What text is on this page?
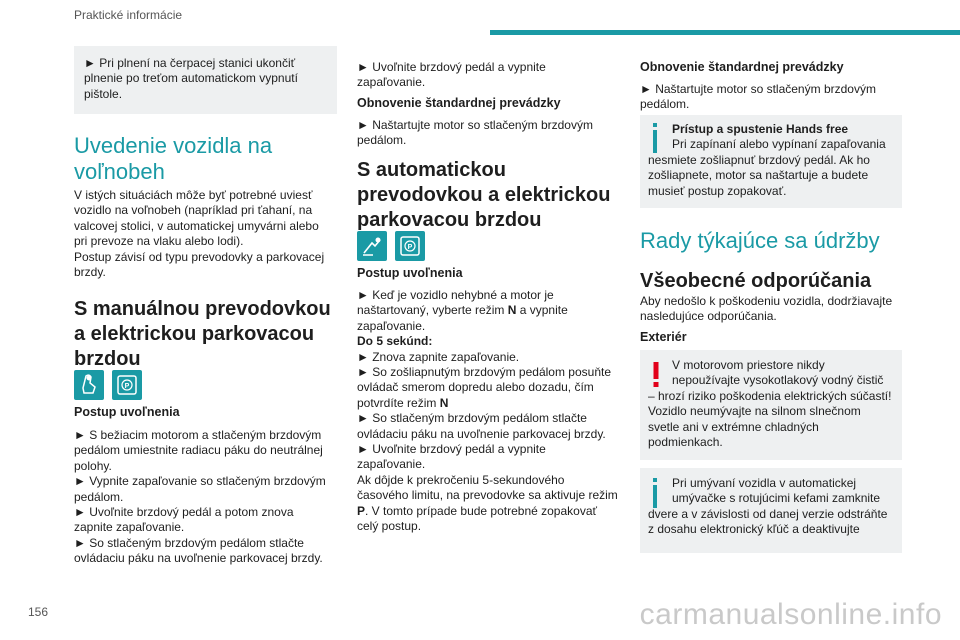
Praktické informácie
► Pri plnení na čerpacej stanici ukončiť
plnenie po treťom automatickom vypnutí
pištole.
Uvedenie vozidla na
voľnobeh
V istých situáciách môže byť potrebné uviesť
vozidlo na voľnobeh (napríklad pri ťahaní, na
valcovej stolici, v automatickej umyvárni alebo
pri prevoze na vlaku alebo lodi).
Postup závisí od typu prevodovky a parkovacej
brzdy.
S manuálnou prevodovkou
a elektrickou parkovacou
brzdou
P
Postup uvoľnenia
► S bežiacim motorom a stlačeným brzdovým
pedálom umiestnite radiacu páku do neutrálnej
polohy.
► Vypnite zapaľovanie so stlačeným brzdovým
pedálom.
► Uvoľnite brzdový pedál a potom znova
zapnite zapaľovanie.
► So stlačeným brzdovým pedálom stlačte
ovládaciu páku na uvoľnenie parkovacej brzdy.
► Uvoľnite brzdový pedál a vypnite
zapaľovanie.
Obnovenie štandardnej prevádzky
► Naštartujte motor so stlačeným brzdovým
pedálom.
S automatickou
prevodovkou a elektrickou
parkovacou brzdou
P
Postup uvoľnenia
► Keď je vozidlo nehybné a motor je
naštartovaný, vyberte režim N a vypnite
zapaľovanie.
Do 5 sekúnd:
► Znova zapnite zapaľovanie.
► So zošliapnutým brzdovým pedálom posuňte
ovládač smerom dopredu alebo dozadu, čím
potvrdíte režim N
► So stlačeným brzdovým pedálom stlačte
ovládaciu páku na uvoľnenie parkovacej brzdy.
► Uvoľnite brzdový pedál a vypnite
zapaľovanie.
Ak dôjde k prekročeniu 5-sekundového
časového limitu, na prevodovke sa aktivuje režim
P. V tomto prípade bude potrebné zopakovať
celý postup.
Obnovenie štandardnej prevádzky
► Naštartujte motor so stlačeným brzdovým
pedálom.
Prístup a spustenie Hands free
Pri zapínaní alebo vypínaní zapaľovania
nesmiete zošliapnuť brzdový pedál. Ak ho
zošliapnete, motor sa naštartuje a budete
musieť postup zopakovať.
Rady týkajúce sa údržby
Všeobecné odporúčania
Aby nedošlo k poškodeniu vozidla, dodržiavajte
nasledujúce odporúčania.
Exteriér
V motorovom priestore nikdy
nepoužívajte vysokotlakový vodný čistič
– hrozí riziko poškodenia elektrických súčastí!
Vozidlo neumývajte na silnom slnečnom
svetle ani v extrémne chladných
podmienkach.
Pri umývaní vozidla v automatickej
umývačke s rotujúcimi kefami zamknite
dvere a v závislosti od danej verzie odstráňte
z dosahu elektronický kľúč a deaktivujte
156	carmanualsonline.info
